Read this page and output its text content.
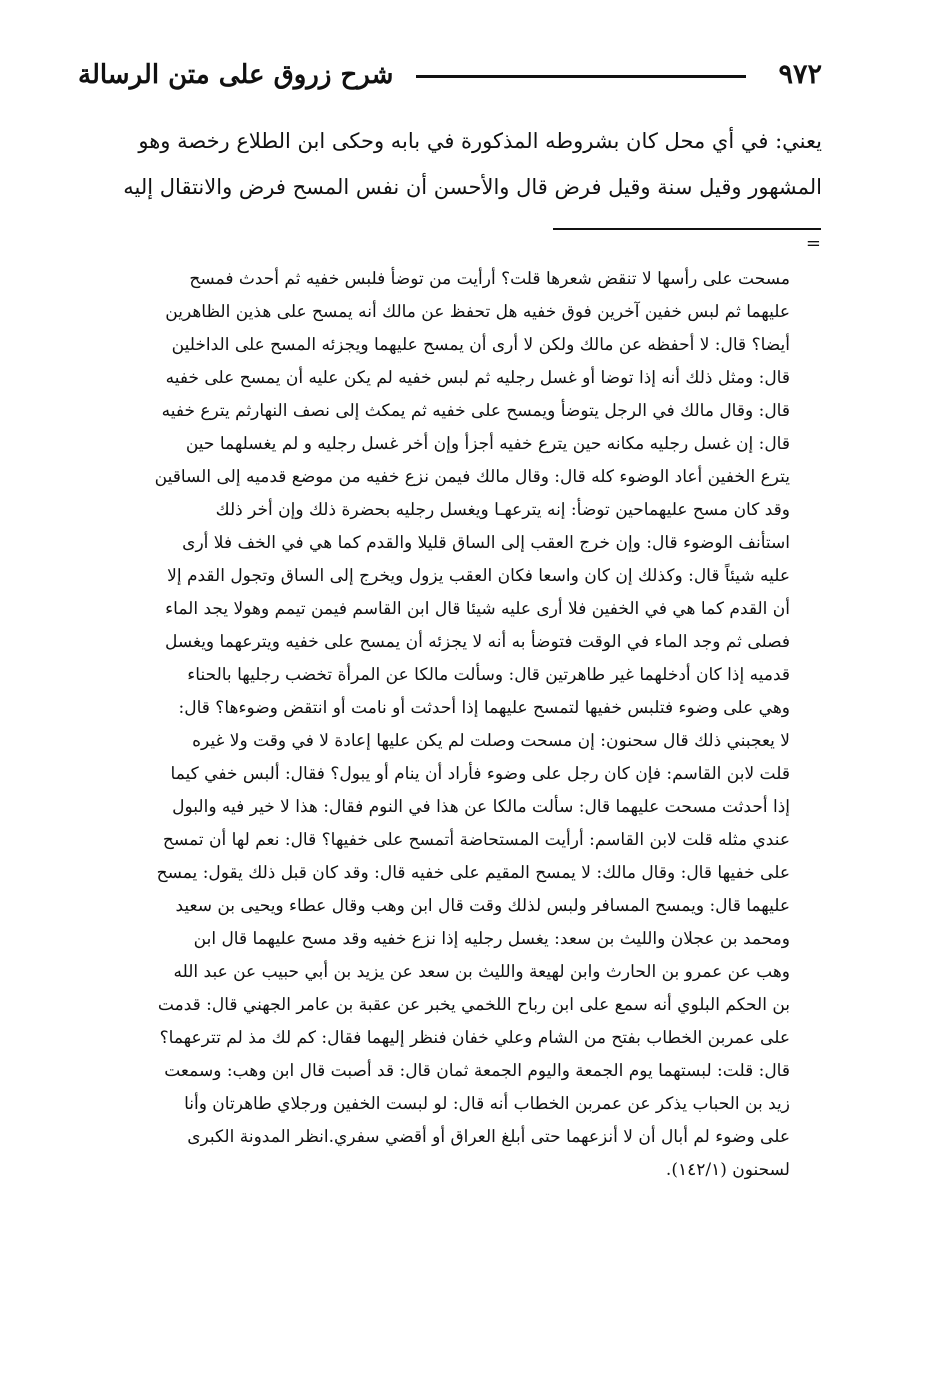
٩٧٢
شرح زروق على متن الرسالة
يعني: في أي محل كان بشروطه المذكورة في بابه وحكى ابن الطلاع رخصة وهو
المشهور وقيل سنة وقيل فرض قال والأحسن أن نفس المسح فرض والانتقال إليه
=
مسحت على رأسها لا تنقض شعرها قلت؟ أرأيت من توضأ فلبس خفيه ثم أحدث فمسح
عليهما ثم لبس خفين آخرين فوق خفيه هل تحفظ عن مالك أنه يمسح على هذين الظاهرين
أيضا؟ قال: لا أحفظه عن مالك ولكن لا أرى أن يمسح عليهما ويجزئه المسح على الداخلين
قال: ومثل ذلك أنه إذا توضا أو غسل رجليه ثم لبس خفيه لم يكن عليه أن يمسح على خفيه
قال: وقال مالك في الرجل يتوضأ ويمسح على خفيه ثم يمكث إلى نصف النهارثم يترع خفيه
قال: إن غسل رجليه مكانه حين يترع خفيه أجزأ وإن أخر غسل رجليه و لم يغسلهما حين
يترع الخفين أعاد الوضوء كله قال: وقال مالك فيمن نزع خفيه من موضع قدميه إلى الساقين
وقد كان مسح عليهماحين توضأ: إنه يترعهـا ويغسل رجليه بحضرة ذلك وإن أخر ذلك
استأنف الوضوء قال: وإن خرج العقب إلى الساق قليلا والقدم كما هي في الخف فلا أرى
عليه شيئاً قال: وكذلك إن كان واسعا فكان العقب يزول ويخرج إلى الساق وتجول القدم إلا
أن القدم كما هي في الخفين فلا أرى عليه شيئا قال ابن القاسم فيمن تيمم وهولا يجد الماء
فصلى ثم وجد الماء في الوقت فتوضأ به أنه لا يجزئه أن يمسح على خفيه ويترعهما ويغسل
قدميه إذا كان أدخلهما غير طاهرتين قال: وسألت مالكا عن المرأة تخضب رجليها بالحناء
وهي على وضوء فتلبس خفيها لتمسح عليهما إذا أحدثت أو نامت أو انتقض وضوءها؟ قال:
لا يعجبني ذلك قال سحنون: إن مسحت وصلت لم يكن عليها إعادة لا في وقت ولا غيره
قلت لابن القاسم: فإن كان رجل على وضوء فأراد أن ينام أو يبول؟ فقال: ألبس خفي كيما
إذا أحدثت مسحت عليهما قال: سألت مالكا عن هذا في النوم فقال: هذا لا خير فيه والبول
عندي مثله قلت لابن القاسم: أرأيت المستحاضة أتمسح على خفيها؟ قال: نعم لها أن تمسح
على خفيها قال: وقال مالك: لا يمسح المقيم على خفيه قال: وقد كان قبل ذلك يقول: يمسح
عليهما قال: ويمسح المسافر ولبس لذلك وقت قال ابن وهب وقال عطاء ويحيى بن سعيد
ومحمد بن عجلان والليث بن سعد: يغسل رجليه إذا نزع خفيه وقد مسح عليهما قال ابن
وهب عن عمرو بن الحارث وابن لهيعة والليث بن سعد عن يزيد بن أبي حبيب عن عبد الله
بن الحكم البلوي أنه سمع على ابن رباح اللخمي يخبر عن عقبة بن عامر الجهني قال: قدمت
على عمربن الخطاب بفتح من الشام وعلي خفان فنظر إليهما فقال: كم لك مذ لم تترعهما؟
قال: قلت: لبستهما يوم الجمعة واليوم الجمعة ثمان قال: قد أصبت قال ابن وهب: وسمعت
زيد بن الحباب يذكر عن عمربن الخطاب أنه قال: لو لبست الخفين ورجلاي طاهرتان وأنا
على وضوء لم أبال أن لا أنزعهما حتى أبلغ العراق أو أقضي سفري.انظر المدونة الكبرى
لسحنون (١٤٢/١).
